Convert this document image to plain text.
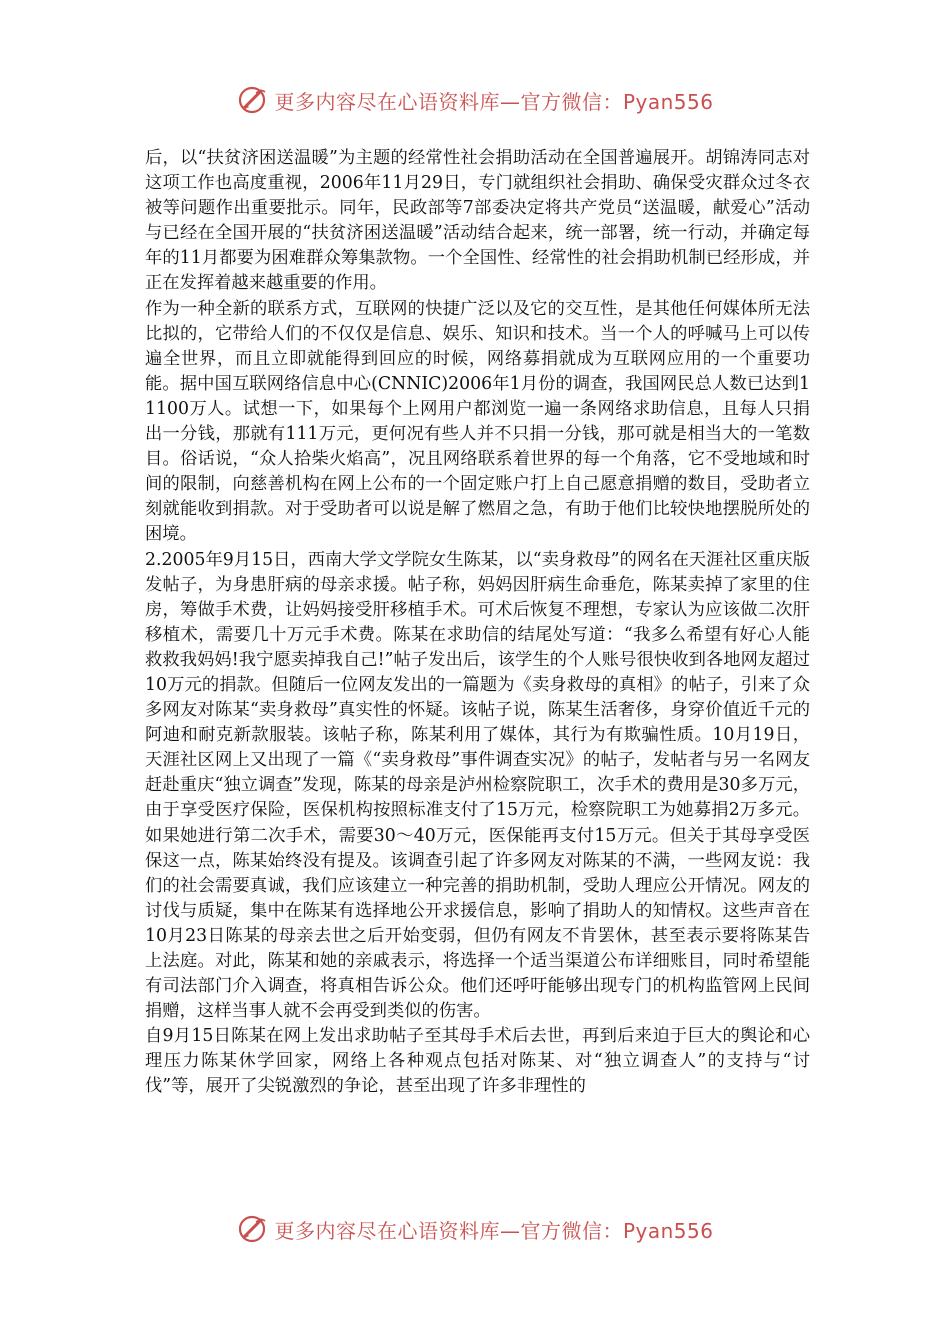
更多内容尽在心语资料库—官方微信：Pyan556

后，以“扶贫济困送温暖”为主题的经常性社会捐助活动在全国普遍展开。胡锦涛同志对这项工作也高度重视，2006年11月29日，专门就组织社会捐助、确保受灾群众过冬衣被等问题作出重要批示。同年，民政部等7部委决定将共产党员“送温暖，献爱心”活动与已经在全国开展的“扶贫济困送温暖”活动结合起来，统一部署，统一行动，并确定每年的11月都要为困难群众筹集款物。一个全国性、经常性的社会捐助机制已经形成，并正在发挥着越来越重要的作用。

作为一种全新的联系方式，互联网的快捷广泛以及它的交互性，是其他任何媒体所无法比拟的，它带给人们的不仅仅是信息、娱乐、知识和技术。当一个人的呼喊马上可以传遍全世界，而且立即就能得到回应的时候，网络募捐就成为互联网应用的一个重要功能。据中国互联网络信息中心(CNNIC)2006年1月份的调查，我国网民总人数已达到11100万人。试想一下，如果每个上网用户都浏览一遍一条网络求助信息，且每人只捐出一分钱，那就有111万元，更何况有些人并不只捐一分钱，那可就是相当大的一笔数目。俗话说，“众人拾柴火焰高”，况且网络联系着世界的每一个角落，它不受地域和时间的限制，向慈善机构在网上公布的一个固定账户打上自己愿意捐赠的数目，受助者立刻就能收到捐款。对于受助者可以说是解了燃眉之急，有助于他们比较快地摆脱所处的困境。

2.2005年9月15日，西南大学文学院女生陈某，以“卖身救母”的网名在天涯社区重庆版发帖子，为身患肝病的母亲求援。帖子称，妈妈因肝病生命垂危，陈某卖掉了家里的住房，筹做手术费，让妈妈接受肝移植手术。可术后恢复不理想，专家认为应该做二次肝移植术，需要几十万元手术费。陈某在求助信的结尾处写道：“我多么希望有好心人能救救我妈妈!我宁愿卖掉我自己!”帖子发出后，该学生的个人账号很快收到各地网友超过10万元的捐款。但随后一位网友发出的一篇题为《卖身救母的真相》的帖子，引来了众多网友对陈某“卖身救母”真实性的怀疑。该帖子说，陈某生活奢侈，身穿价值近千元的阿迪和耐克新款服装。该帖子称，陈某利用了媒体，其行为有欺骗性质。10月19日，天涯社区网上又出现了一篇《“卖身救母”事件调查实况》的帖子，发帖者与另一名网友赶赴重庆“独立调查”发现，陈某的母亲是泸州检察院职工，次手术的费用是30多万元，由于享受医疗保险，医保机构按照标准支付了15万元，检察院职工为她募捐2万多元。如果她进行第二次手术，需要30～40万元，医保能再支付15万元。但关于其母享受医保这一点，陈某始终没有提及。该调查引起了许多网友对陈某的不满，一些网友说：我们的社会需要真诚，我们应该建立一种完善的捐助机制，受助人理应公开情况。网友的讨伐与质疑，集中在陈某有选择地公开求援信息，影响了捐助人的知情权。这些声音在10月23日陈某的母亲去世之后开始变弱，但仍有网友不肯罢休，甚至表示要将陈某告上法庭。对此，陈某和她的亲戚表示，将选择一个适当渠道公布详细账目，同时希望能有司法部门介入调查，将真相告诉公众。他们还呼吁能够出现专门的机构监管网上民间捐赠，这样当事人就不会再受到类似的伤害。

自9月15日陈某在网上发出求助帖子至其母手术后去世，再到后来迫于巨大的舆论和心理压力陈某休学回家，网络上各种观点包括对陈某、对“独立调查人”的支持与“讨伐”等，展开了尖锐激烈的争论，甚至出现了许多非理性的

更多内容尽在心语资料库—官方微信：Pyan556
